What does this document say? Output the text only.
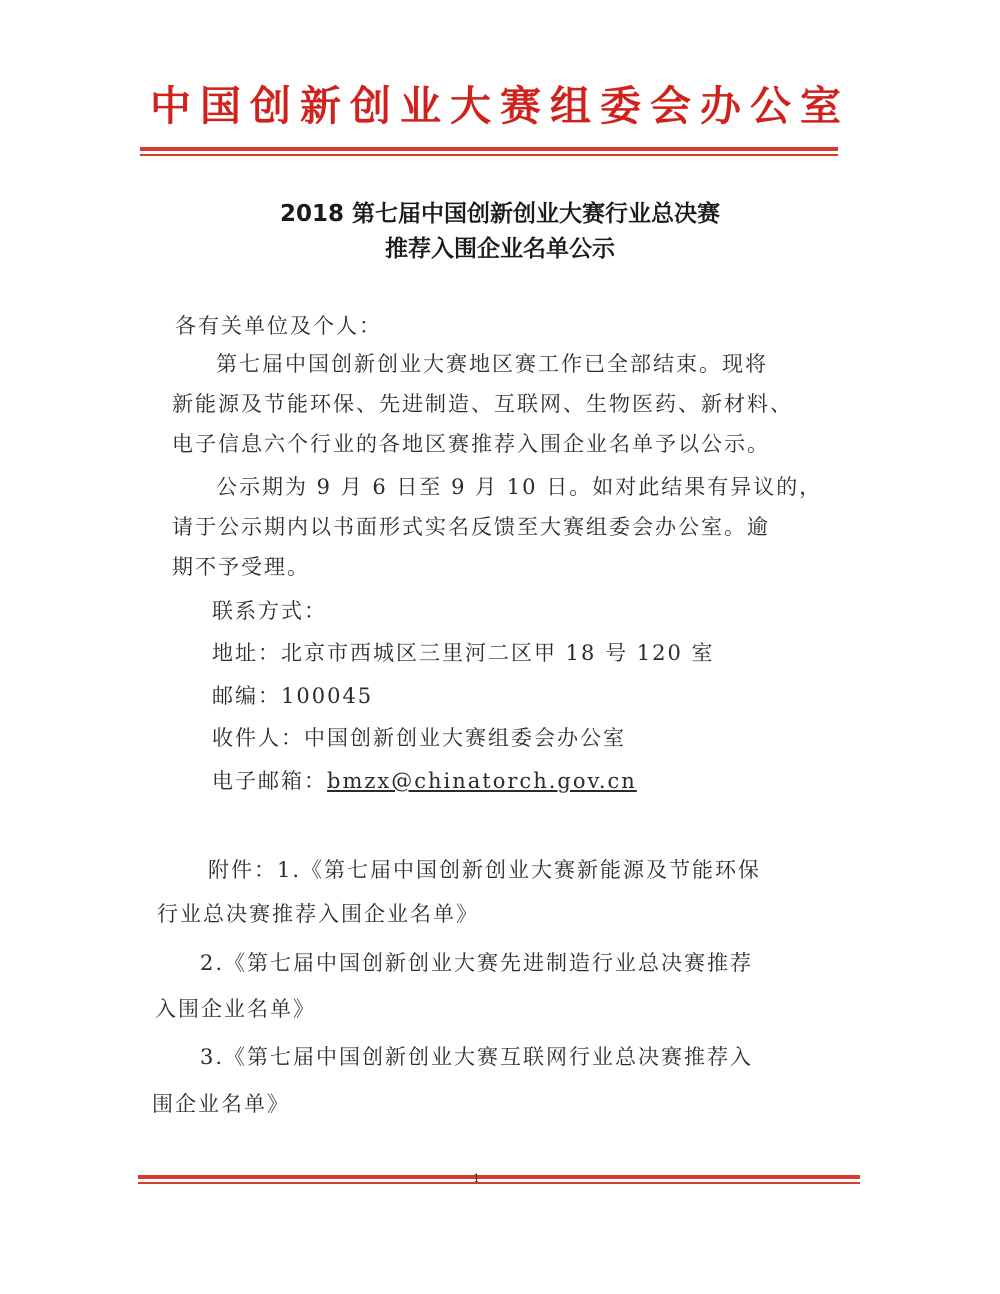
中国创新创业大赛组委会办公室
2018 第七届中国创新创业大赛行业总决赛
推荐入围企业名单公示
各有关单位及个人：
第七届中国创新创业大赛地区赛工作已全部结束。现将
新能源及节能环保、先进制造、互联网、生物医药、新材料、
电子信息六个行业的各地区赛推荐入围企业名单予以公示。
公示期为 9 月 6 日至 9 月 10 日。如对此结果有异议的，
请于公示期内以书面形式实名反馈至大赛组委会办公室。逾
期不予受理。
联系方式：
地址：北京市西城区三里河二区甲 18 号 120 室
邮编：100045
收件人：中国创新创业大赛组委会办公室
电子邮箱：bmzx@chinatorch.gov.cn
附件：1.《第七届中国创新创业大赛新能源及节能环保
行业总决赛推荐入围企业名单》
2.《第七届中国创新创业大赛先进制造行业总决赛推荐
入围企业名单》
3.《第七届中国创新创业大赛互联网行业总决赛推荐入
围企业名单》
1
